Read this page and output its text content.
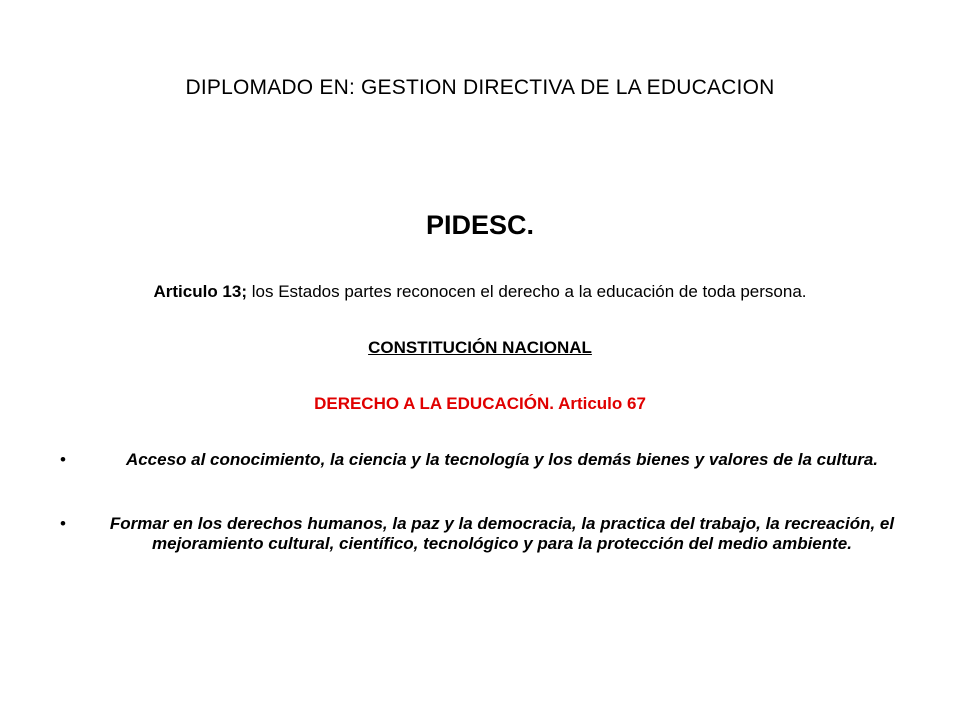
DIPLOMADO EN: GESTION DIRECTIVA DE LA EDUCACION
PIDESC.
Articulo 13; los Estados partes reconocen el derecho a la educación de toda persona.
CONSTITUCIÓN NACIONAL
DERECHO A LA EDUCACIÓN. Articulo 67
•	Acceso al conocimiento, la ciencia y la tecnología y los demás bienes y valores de la cultura.
•	Formar en los derechos humanos, la paz y la democracia, la practica del trabajo, la recreación, el mejoramiento cultural, científico, tecnológico y para la protección del medio ambiente.
